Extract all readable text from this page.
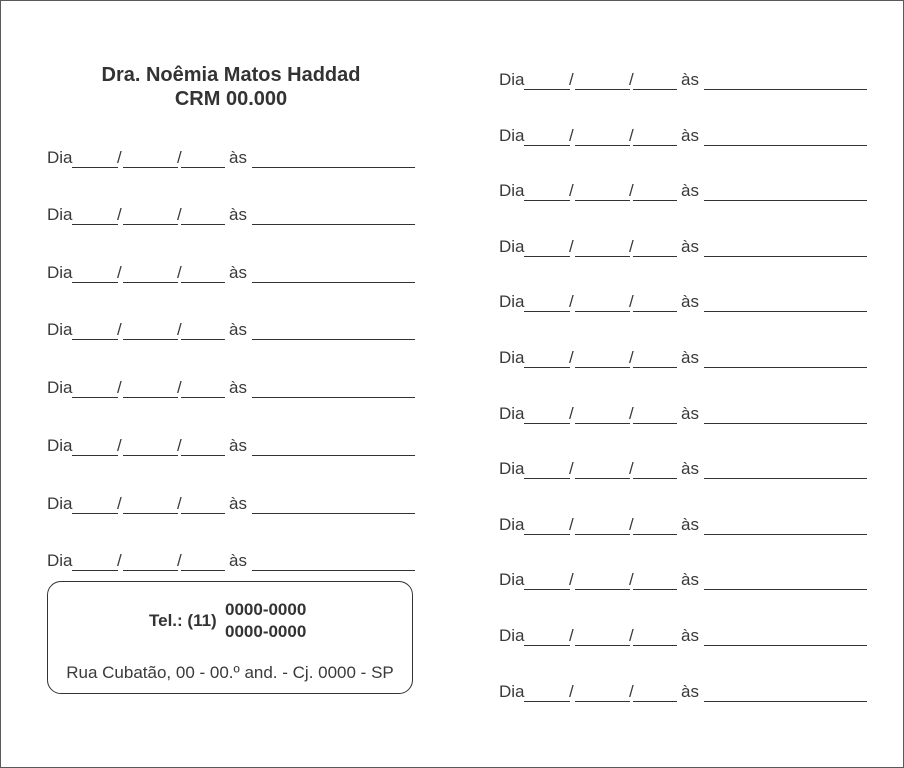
Dra. Noêmia Matos Haddad
CRM 00.000
Dia	/	/	às
Dia	/	/	às
Dia	/	/	às
Dia	/	/	às
Dia	/	/	às
Dia	/	/	às
Dia	/	/	às
Dia	/	/	às
Dia	/	/	às
Dia	/	/	às
Dia	/	/	às
Dia	/	/	às
Dia	/	/	às
Dia	/	/	às
Dia	/	/	às
Dia	/	/	às
Dia	/	/	às
Dia	/	/	às
Dia	/	/	às
Dia	/	/	às
Tel.: (11)
0000-0000
0000-0000
Rua Cubatão, 00 - 00.º and. - Cj. 0000 - SP
